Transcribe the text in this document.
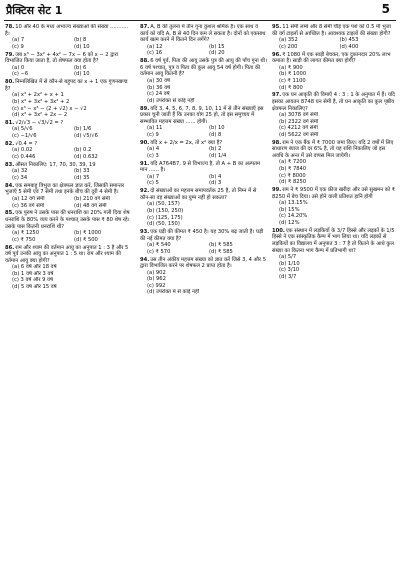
प्रैक्टिस सेट 1	5
78.10 और 40 के मध्य अभाज्य संख्याओं की संख्या ........... है।
(a) 7	(b) 8
(c) 9	(d) 10
79.जब x³ − 3x² + 4x² − 7x − 6 को x − 2 द्वारा विभाजित किया जाता है, तो शेषफल क्या होता है?
(a) 0	(b) 6
(c) −6	(d) 10
80.निम्नलिखित में से कौन-से बहुपद का x + 1 एक गुणनखण्ड है?
(a) x³ + 2x² + x + 1
(b) x³ + 3x² + 3x² + 2
(c) x³ − x³ − (2 + √2) x − √2
(d) x³ + 3x² + 2x − 2
81.√2/√3 − √3/√2 = ?
(a) 5/√6	(b) 1/6
(c) −1/√6	(d) √5/√6
82.√0.4 = ?
(a) 0.02	(b) 0.2
(c) 0.446	(d) 0.632
83.औसत निकालिए: 17, 70, 30, 39, 19
(a) 32	(b) 33
(c) 34	(d) 35
84.एक समबाहु त्रिभुज का क्षेत्रफल ज्ञात करें, जिसकी समान्तर भुजाएँ 5 सेमी एवं 7 सेमी तथा इनके बीच की दूरी 4 सेमी है।
(a) 12 वर्ग सेमी	(b) 210 वर्ग सेमी
(c) 36 वर्ग सेमी	(d) 48 वर्ग सेमी
85.एक पुरुष ने उसके पास की धनराशि का 20% गली दिया शेष धनराशि के 80% व्यय करने के पश्चात् उसके पास ₹ 80 शेष रहे। उसके पास कितनी धनराशि थी?
(a) ₹ 1250	(b) ₹ 1000
(c) ₹ 750	(d) ₹ 500
86.राम और श्याम की वर्तमान आयु का अनुपात 1 : 3 है और 5 वर्ष पूर्व उनकी आयु का अनुपात 1 : 5 था। राम और श्याम की वर्तमान आयु क्या होगी?
(a) 6 वर्ष और 18 वर्ष
(b) 1 वर्ष और 3 वर्ष
(c) 3 वर्ष और 9 वर्ष
(d) 5 वर्ष और 15 वर्ष
87.A, B की तुलना में तीन गुना कुशल श्रमिक है। एक साथ वे कार्य को यदि A, B से 40 दिन कम ले सकता है। दोनों को एकसाथ कार्य खत्म करने में कितने दिन लगेंगे?
(a) 12	(b) 15
(c) 16	(d) 20
88.6 वर्ष पूर्व, पिता की आयु उसके पुत्र की आयु की पाँच गुना थी। 6 वर्ष पश्चात्, पुत्र व पिता की कुल आयु 54 वर्ष होगी। पिता की वर्तमान आयु कितनी है?
(a) 30 वर्ष
(b) 36 वर्ष
(c) 24 वर्ष
(d) उपरोक्त से कोई नहीं
89.यदि 3, 4, 5, 6, 7, 8, 9, 10, 11 में से तीन संख्याएँ इस प्रकार चुनी जाती हैं कि उनका योग 25 हो, तो इस समुच्चय में सम्भावित महत्तम संख्या ...... होगी।
(a) 11	(b) 10
(c) 9	(d) 8
90.यदि x + 2/x = 2x, तो x² क्या है?
(a) 4	(b) 2
(c) 3	(d) 1/4
91.यदि A764B7, 9 से विभाज्य है, तो A + B का अल्पतम मान ...... है।
(a) 7	(b) 4
(c) 5	(d) 3
92.दो संख्याओं का महत्तम समापवर्तक 25 है, तो निम्न में से कौन-सा वह संख्याओं का युग्म नहीं हो सकता?
(a) (50, 157)
(b) (150, 250)
(c) (125, 175)
(d) (50, 150)
93.एक घड़ी की कीमत ₹ 450 है। यह 30% बढ़ जाती है। घड़ी की नई कीमत क्या है?
(a) ₹ 540	(b) ₹ 585
(c) ₹ 570	(d) ₹ 585
94.उस तीन अंकीय महत्तम संख्या को ज्ञात करें जिसे 3, 4 और 5 द्वारा विभाजित करने पर शेषफल 2 प्राप्त होता है।
(a) 902
(b) 962
(c) 992
(d) उपरोक्त में से कोई नहीं
95.11 सेमी लम्बे और 8 सेमी चौड़े एक पर्श को 0.5 मी भुजा की वर्ग टाइलों से आच्छित है। आवश्यक टाइलों की संख्या होगी?
(a) 352	(b) 453
(c) 200	(d) 400
96.₹ 1080 में एक साड़ी बेचकर, एक दुकानदार 20% लाभ कमाता है। साड़ी की लागत कीमत क्या होगी?
(a) ₹ 900
(b) ₹ 1000
(c) ₹ 1100
(d) ₹ 800
97.एक घन आकृति की विमाएँ 4 : 3 : 1 के अनुपात में हैं। यदि इसका आयतन 8748 घन सेमी है, तो घन आकृति का कुल पृष्ठीय क्षेत्रफल निकालिए?
(a) 3078 वर्ग सेमी
(b) 2322 वर्ग सेमी
(c) 4212 वर्ग सेमी
(d) 5622 वर्ग सेमी
98.राम ने एक बैंक में ₹ 7000 जमा किए। यदि 2 वर्षों में लिए साधारण ब्याज की दर 6% है, तो यह राशि निकालिए जो इस अवधि के अन्त में उसे वापस मिल जायेगी।
(a) ₹ 7200
(b) ₹ 7840
(c) ₹ 8000
(d) ₹ 8250
99.राम ने ₹ 9500 में एक फ्रीज खरीदा और उसे सुखमन को ₹ 8250 में बेच दिया। उसे होने वाली प्रतिशत हानि होगी
(a) 13.15%
(b) 15%
(c) 14.20%
(d) 12%
100.एक संस्थान में लड़कियों के 3/7 हिस्से और लड़कों के 1/5 हिस्से ने एक सांस्कृतिक कैम्प में भाग लिया था। यदि लड़कों से लड़कियों का विद्यालय में अनुपात 3 : 7 है तो कितने के आधे कुल संख्या का कितना भाग कैम्प में प्रतिभागी था?
(a) 5/7
(b) 1/10
(c) 3/10
(d) 3/7
